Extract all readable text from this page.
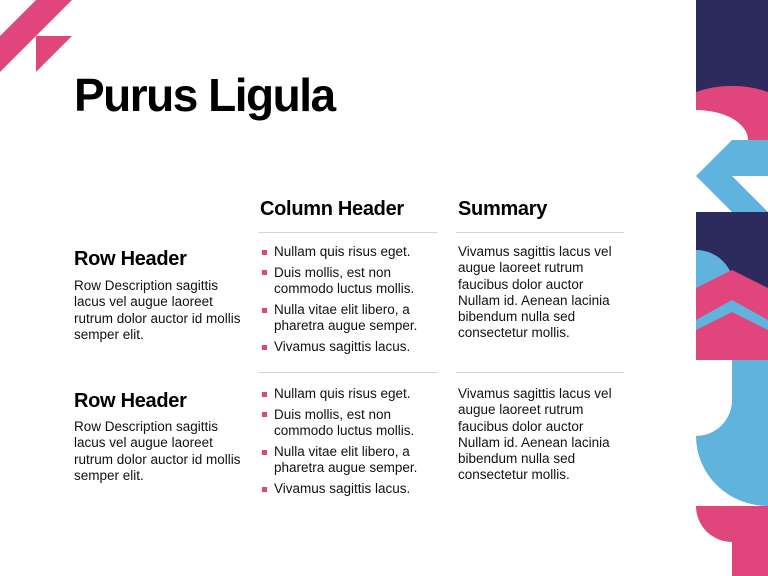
Purus Ligula
Column Header	Summary
Row Header

Row Description sagittis lacus vel augue laoreet rutrum dolor auctor id mollis semper elit.

Nullam quis risus eget.
Duis mollis, est non commodo luctus mollis.
Nulla vitae elit libero, a pharetra augue semper.
Vivamus sagittis lacus.

Vivamus sagittis lacus vel augue laoreet rutrum faucibus dolor auctor Nullam id. Aenean lacinia bibendum nulla sed consectetur mollis.

Row Header

Row Description sagittis lacus vel augue laoreet rutrum dolor auctor id mollis semper elit.

Nullam quis risus eget.
Duis mollis, est non commodo luctus mollis.
Nulla vitae elit libero, a pharetra augue semper.
Vivamus sagittis lacus.

Vivamus sagittis lacus vel augue laoreet rutrum faucibus dolor auctor Nullam id. Aenean lacinia bibendum nulla sed consectetur mollis.
